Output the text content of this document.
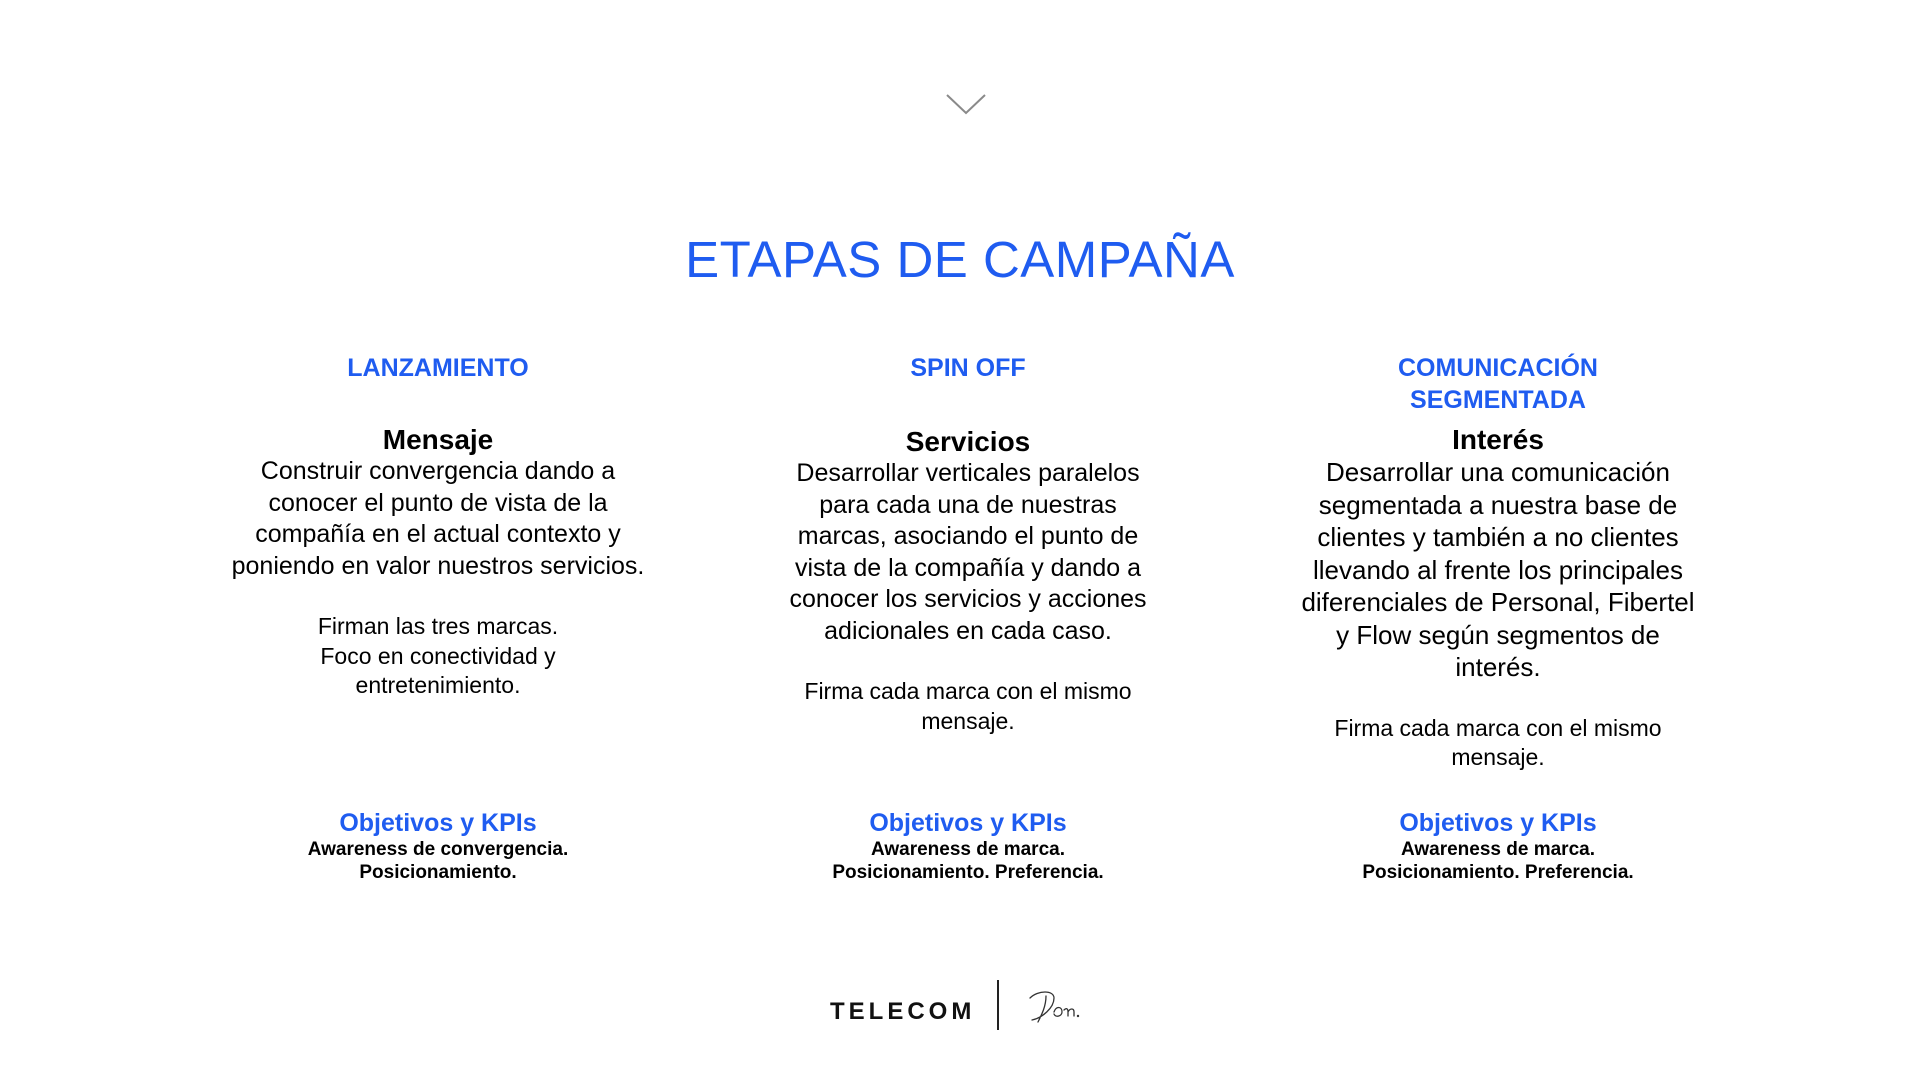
ETAPAS DE CAMPAÑA
LANZAMIENTO
Mensaje
Construir convergencia dando a
conocer el punto de vista de la
compañía en el actual contexto y
poniendo en valor nuestros servicios.
Firman las tres marcas.
Foco en conectividad y
entretenimiento.
SPIN OFF
Servicios
Desarrollar verticales paralelos
para cada una de nuestras
marcas, asociando el punto de
vista de la compañía y dando a
conocer los servicios y acciones
adicionales en cada caso.
Firma cada marca con el mismo
mensaje.
COMUNICACIÓN
SEGMENTADA
Interés
Desarrollar una comunicación
segmentada a nuestra base de
clientes y también a no clientes
llevando al frente los principales
diferenciales de Personal, Fibertel
y Flow según segmentos de
interés.
Firma cada marca con el mismo
mensaje.
Objetivos y KPIs
Awareness de convergencia.
Posicionamiento.
Objetivos y KPIs
Awareness de marca.
Posicionamiento. Preferencia.
Objetivos y KPIs
Awareness de marca.
Posicionamiento. Preferencia.
TELECOM
